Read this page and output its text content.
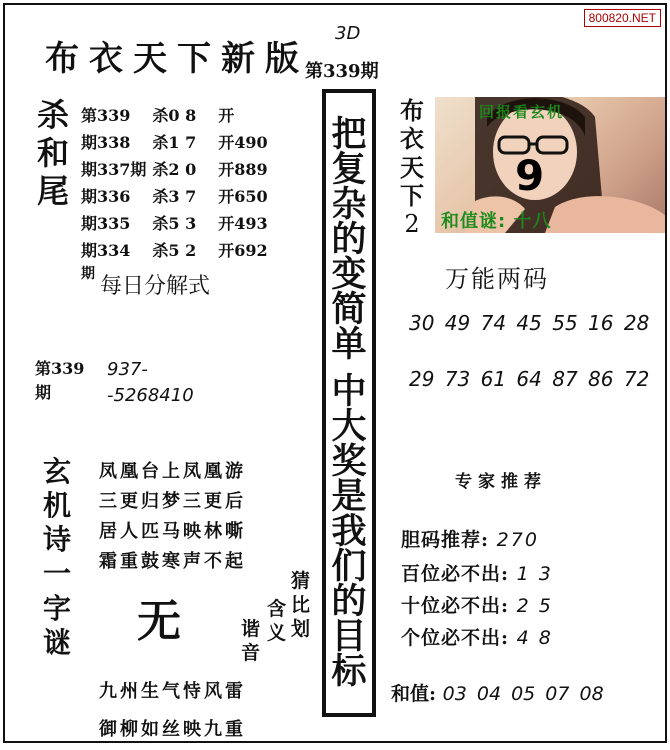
800820.NET
布衣天下新版
3D
第339期
杀
和
尾
第339	杀0 8	开
期338	杀1 7	开490
期337期	杀2 0	开889
期336	杀3 7	开650
期335	杀5 3	开493
期334	杀5 2	开692
期 每日分解式
第339
期
937-
-5268410
玄
机
诗
一
字
谜
凤凰台上凤凰游
三更归梦三更后
居人匹马映林嘶
霜重鼓寒声不起
无
猜
比
划
含
义
谐
音
九州生气恃风雷
御柳如丝映九重
把
复
杂
的
变
简
单
中
大
奖
是
我
们
的
目
标
布
衣
天
下
2
回报看玄机
9
和值谜: 十八
万能两码
30 49 74 45 55 16 28
29 73 61 64 87 86 72
专家推荐
胆码推荐: 270
百位必不出: 1 3
十位必不出: 2 5
个位必不出: 4 8
和值: 03 04 05 07 08
